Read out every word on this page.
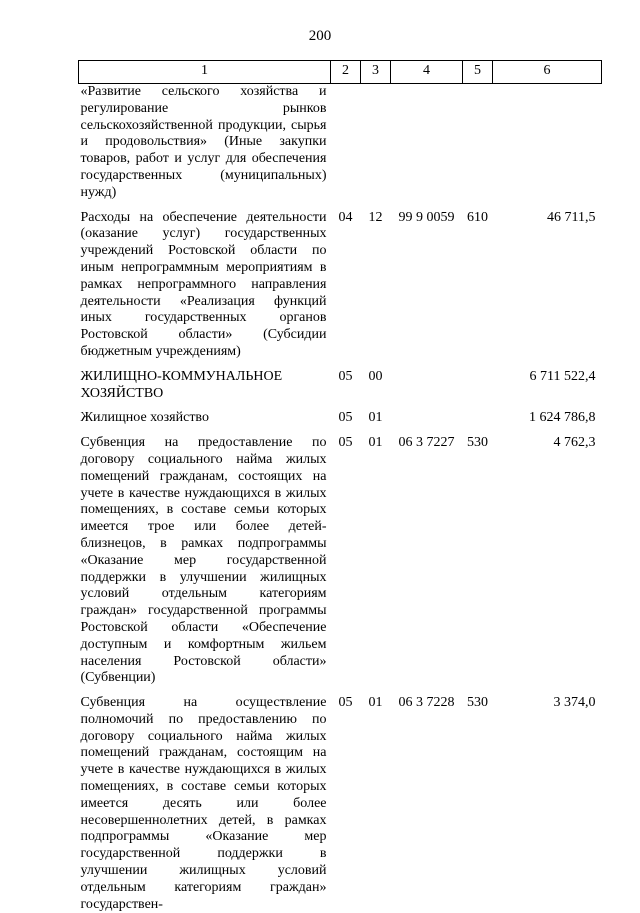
200
1	2	3	4	5	6
«Развитие сельского хозяйства и регулирование рынков сельскохозяйственной продукции, сырья и продовольствия» (Иные закупки товаров, работ и услуг для обеспечения государственных (муниципальных) нужд)					
Расходы на обеспечение деятельности (оказание услуг) государственных учреждений Ростовской области по иным непрограммным мероприятиям в рамках непрограммного направления деятельности «Реализация функций иных государственных органов Ростовской области» (Субсидии бюджетным учреждениям)	04	12	99 9 0059	610	46 711,5
ЖИЛИЩНО-КОММУНАЛЬНОЕ ХОЗЯЙСТВО	05	00			6 711 522,4
Жилищное хозяйство	05	01			1 624 786,8
Субвенция на предоставление по договору социального найма жилых помещений гражданам, состоящих на учете в качестве нуждающихся в жилых помещениях, в составе семьи которых имеется трое или более детей-близнецов, в рамках подпрограммы «Оказание мер государственной поддержки в улучшении жилищных условий отдельным категориям граждан» государственной программы Ростовской области «Обеспечение доступным и комфортным жильем населения Ростовской области» (Субвенции)	05	01	06 3 7227	530	4 762,3
Субвенция на осуществление полномочий по предоставлению по договору социального найма жилых помещений гражданам, состоящим на учете в качестве нуждающихся в жилых помещениях, в составе семьи которых имеется десять или более несовершеннолетних детей, в рамках подпрограммы «Оказание мер государственной поддержки в улучшении жилищных условий отдельным категориям граждан» государствен-	05	01	06 3 7228	530	3 374,0
